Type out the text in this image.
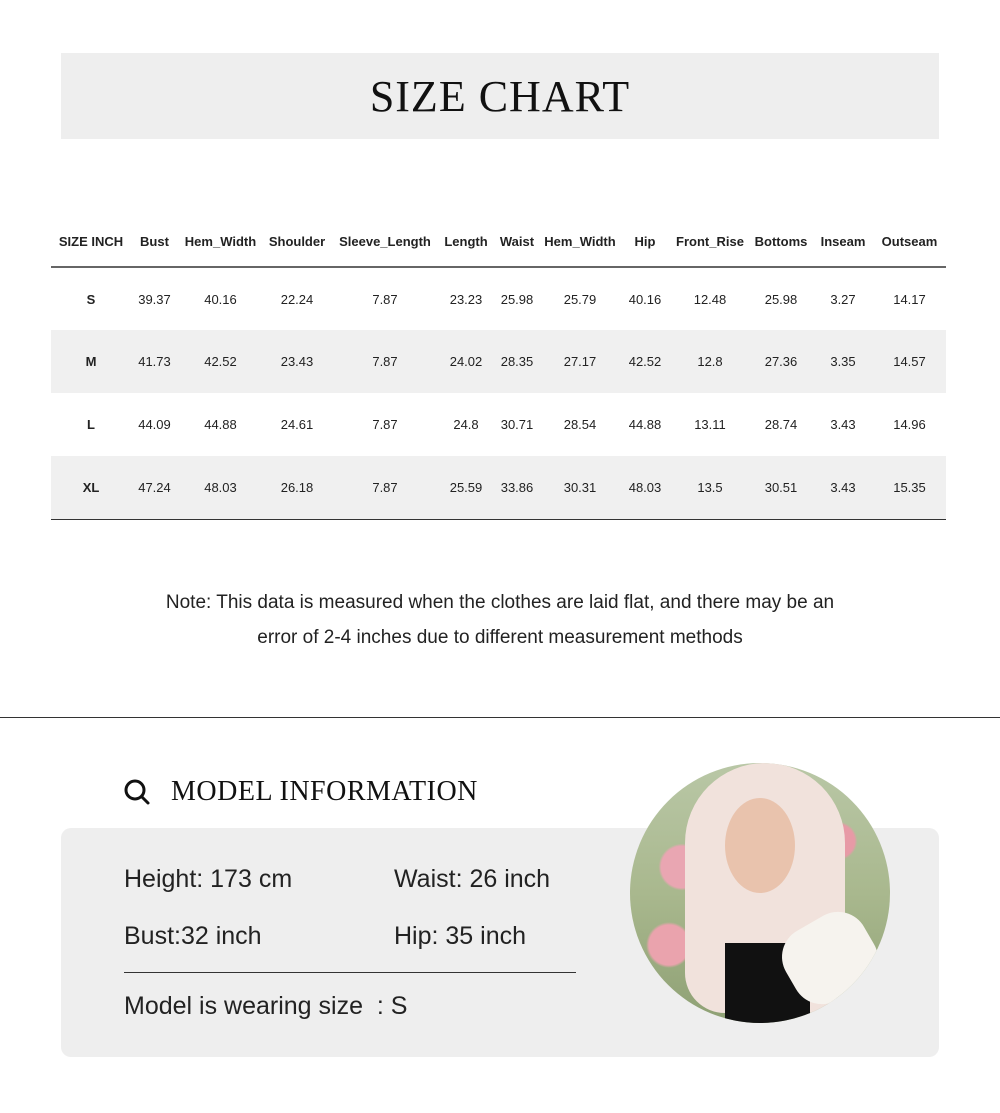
SIZE CHART
SIZE INCH	Bust	Hem_Width	Shoulder	Sleeve_Length	Length	Waist	Hem_Width	Hip	Front_Rise	Bottoms	Inseam	Outseam
S	39.37	40.16	22.24	7.87	23.23	25.98	25.79	40.16	12.48	25.98	3.27	14.17
M	41.73	42.52	23.43	7.87	24.02	28.35	27.17	42.52	12.8	27.36	3.35	14.57
L	44.09	44.88	24.61	7.87	24.8	30.71	28.54	44.88	13.11	28.74	3.43	14.96
XL	47.24	48.03	26.18	7.87	25.59	33.86	30.31	48.03	13.5	30.51	3.43	15.35
Note: This data is measured when the clothes are laid flat, and there may be an
error of 2-4 inches due to different measurement methods
MODEL INFORMATION
Height: 173 cm	Waist: 26 inch
Bust:32 inch	Hip: 35 inch
Model is wearing size  : S
